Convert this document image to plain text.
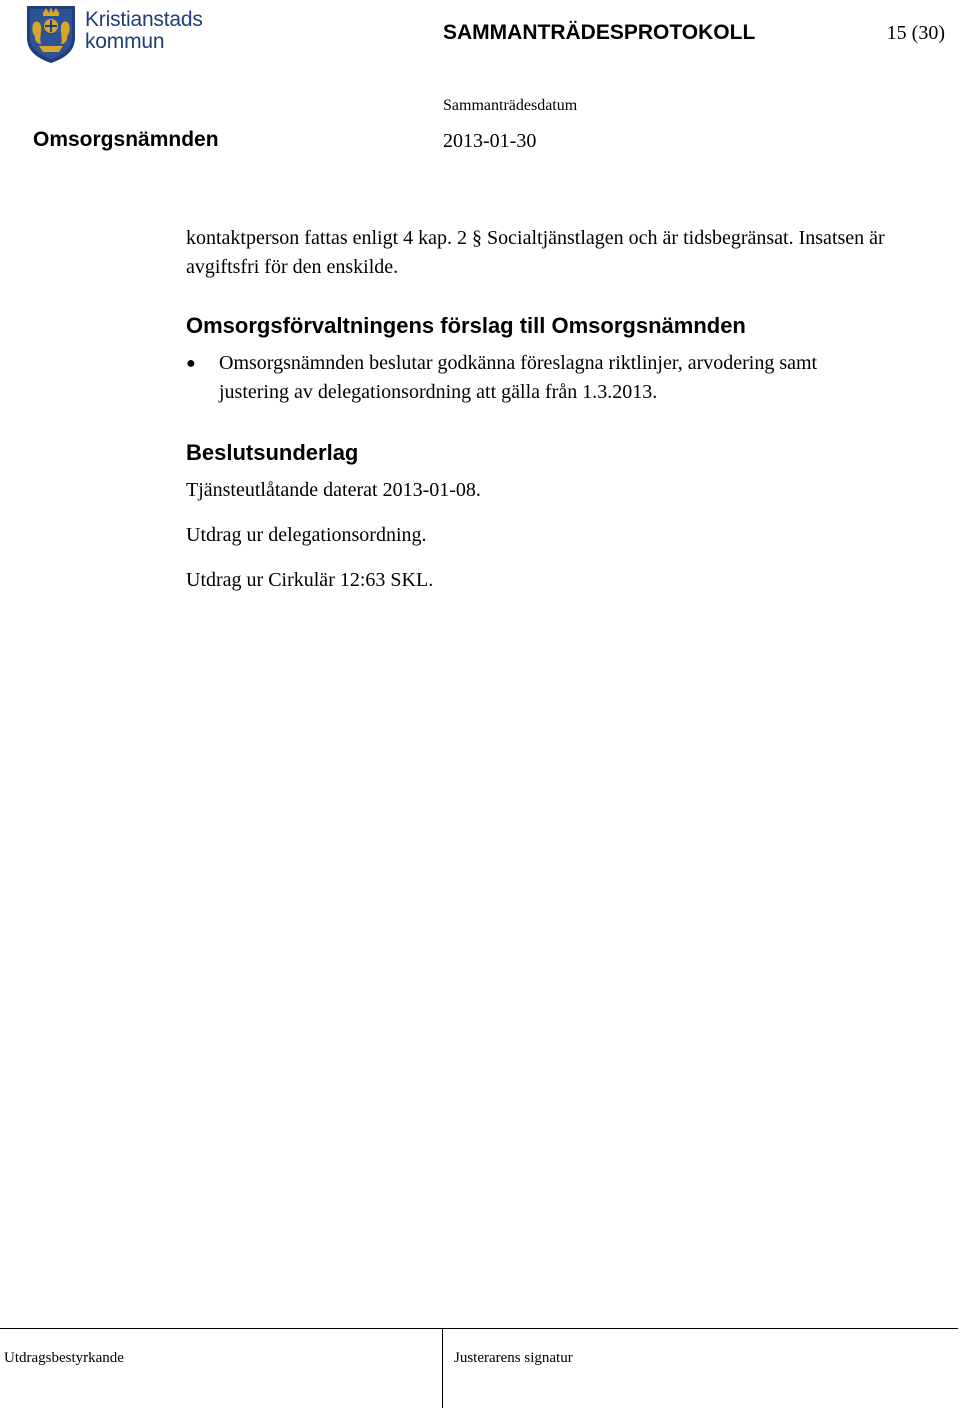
Kristianstads
kommun	SAMMANTRÄDESPROTOKOLL	15 (30)
Sammanträdesdatum
Omsorgsnämnden	2013-01-30

kontaktperson fattas enligt 4 kap. 2 § Socialtjänstlagen och är tidsbegränsat. Insatsen är avgiftsfri för den enskilde.

Omsorgsförvaltningens förslag till Omsorgsnämnden
● Omsorgsnämnden beslutar godkänna föreslagna riktlinjer, arvodering samt justering av delegationsordning att gälla från 1.3.2013.
Beslutsunderlag

Tjänsteutlåtande daterat 2013-01-08.

Utdrag ur delegationsordning.

Utdrag ur Cirkulär 12:63 SKL.

Utdragsbestyrkande	Justerarens signatur
